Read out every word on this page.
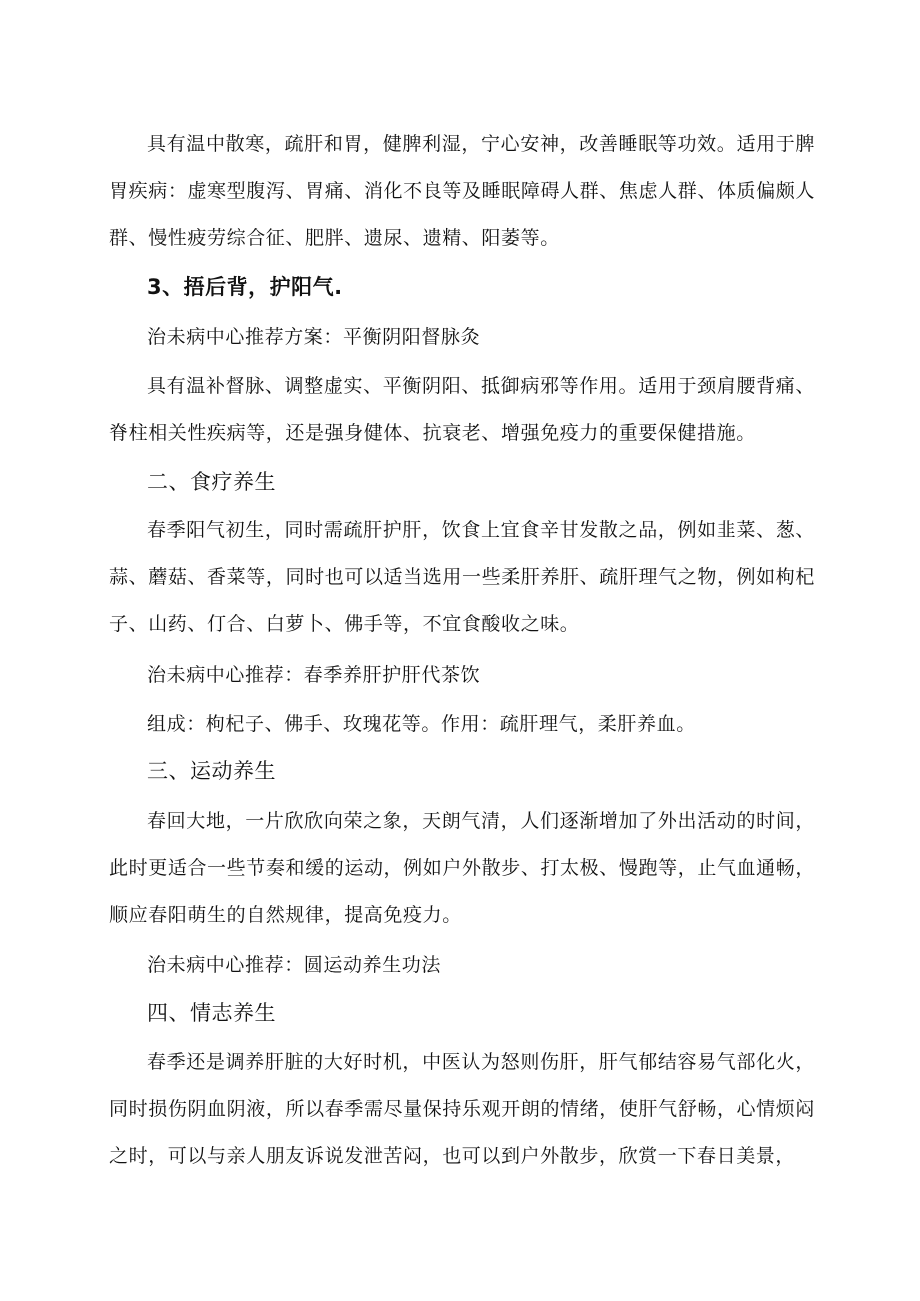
具有温中散寒，疏肝和胃，健脾利湿，宁心安神，改善睡眠等功效。适用于脾胃疾病：虚寒型腹泻、胃痛、消化不良等及睡眠障碍人群、焦虑人群、体质偏颇人群、慢性疲劳综合征、肥胖、遗尿、遗精、阳萎等。

3、捂后背，护阳气.

治未病中心推荐方案：平衡阴阳督脉灸

具有温补督脉、调整虚实、平衡阴阳、抵御病邪等作用。适用于颈肩腰背痛、脊柱相关性疾病等，还是强身健体、抗衰老、增强免疫力的重要保健措施。

二、食疗养生

春季阳气初生，同时需疏肝护肝，饮食上宜食辛甘发散之品，例如韭菜、葱、蒜、蘑菇、香菜等，同时也可以适当选用一些柔肝养肝、疏肝理气之物，例如枸杞子、山药、仃合、白萝卜、佛手等，不宜食酸收之味。

治未病中心推荐：春季养肝护肝代茶饮

组成：枸杞子、佛手、玫瑰花等。作用：疏肝理气，柔肝养血。

三、运动养生

春回大地，一片欣欣向荣之象，天朗气清，人们逐渐增加了外出活动的时间，此时更适合一些节奏和缓的运动，例如户外散步、打太极、慢跑等，止气血通畅，顺应春阳萌生的自然规律，提高免疫力。

治未病中心推荐：圆运动养生功法

四、情志养生

春季还是调养肝脏的大好时机，中医认为怒则伤肝，肝气郁结容易气部化火，同时损伤阴血阴液，所以春季需尽量保持乐观开朗的情绪，使肝气舒畅，心情烦闷之时，可以与亲人朋友诉说发泄苦闷，也可以到户外散步，欣赏一下春日美景，
